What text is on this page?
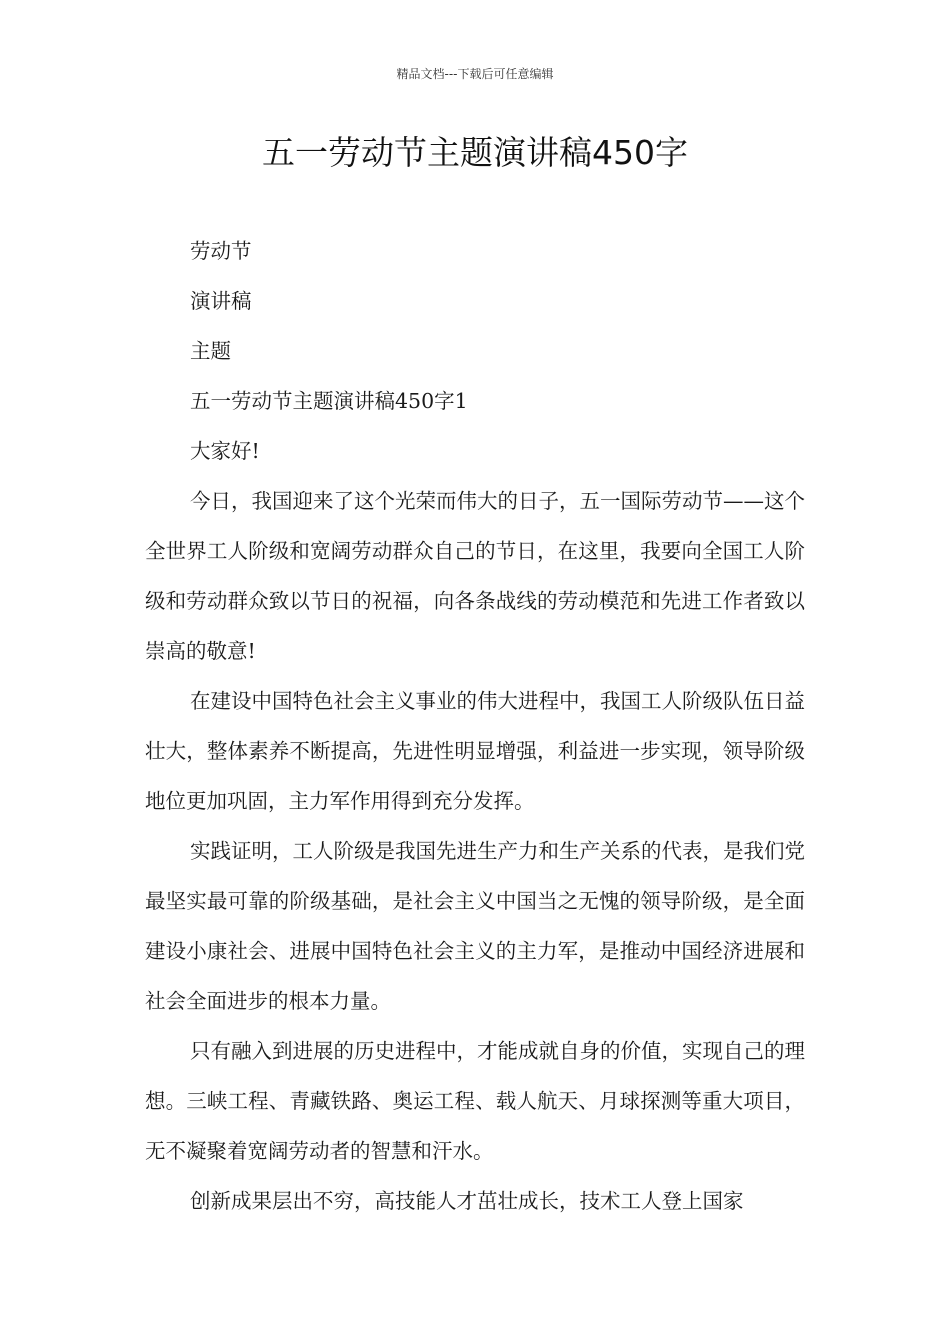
精品文档---下载后可任意编辑
五一劳动节主题演讲稿450字
劳动节
演讲稿
主题
五一劳动节主题演讲稿450字1
大家好!

今日，我国迎来了这个光荣而伟大的日子，五一国际劳动节——这个全世界工人阶级和宽阔劳动群众自己的节日，在这里，我要向全国工人阶级和劳动群众致以节日的祝福，向各条战线的劳动模范和先进工作者致以崇高的敬意!

在建设中国特色社会主义事业的伟大进程中，我国工人阶级队伍日益壮大，整体素养不断提高，先进性明显增强，利益进一步实现，领导阶级地位更加巩固，主力军作用得到充分发挥。

实践证明，工人阶级是我国先进生产力和生产关系的代表，是我们党最坚实最可靠的阶级基础，是社会主义中国当之无愧的领导阶级，是全面建设小康社会、进展中国特色社会主义的主力军，是推动中国经济进展和社会全面进步的根本力量。

只有融入到进展的历史进程中，才能成就自身的价值，实现自己的理想。三峡工程、青藏铁路、奥运工程、载人航天、月球探测等重大项目，无不凝聚着宽阔劳动者的智慧和汗水。

创新成果层出不穷，高技能人才茁壮成长，技术工人登上国家
